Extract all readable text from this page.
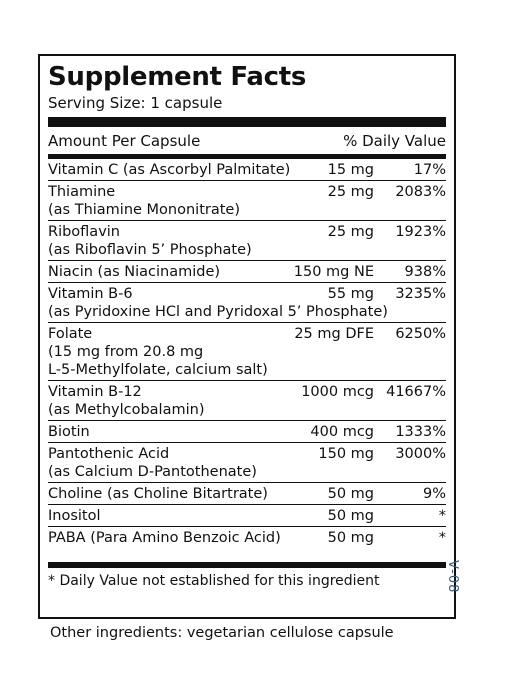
Supplement Facts
Serving Size: 1 capsule
Amount Per Capsule	% Daily Value
Vitamin C (as Ascorbyl Palmitate)	15 mg	17%
Thiamine	25 mg	2083%
(as Thiamine Mononitrate)
Riboflavin	25 mg	1923%
(as Riboflavin 5’ Phosphate)
Niacin (as Niacinamide)	150 mg NE	938%
Vitamin B-6	55 mg	3235%
(as Pyridoxine HCl and Pyridoxal 5’ Phosphate)
Folate	25 mg DFE	6250%
(15 mg from 20.8 mg
L-5-Methylfolate, calcium salt)
Vitamin B-12	1000 mcg 41667%
(as Methylcobalamin)
Biotin	400 mcg	1333%
Pantothenic Acid	150 mg	3000%
(as Calcium D-Pantothenate)
Choline (as Choline Bitartrate)	50 mg	9%
Inositol	50 mg	*
PABA (Para Amino Benzoic Acid)	50 mg	*
* Daily Value not established for this ingredient
Other ingredients: vegetarian cellulose capsule
V-08
